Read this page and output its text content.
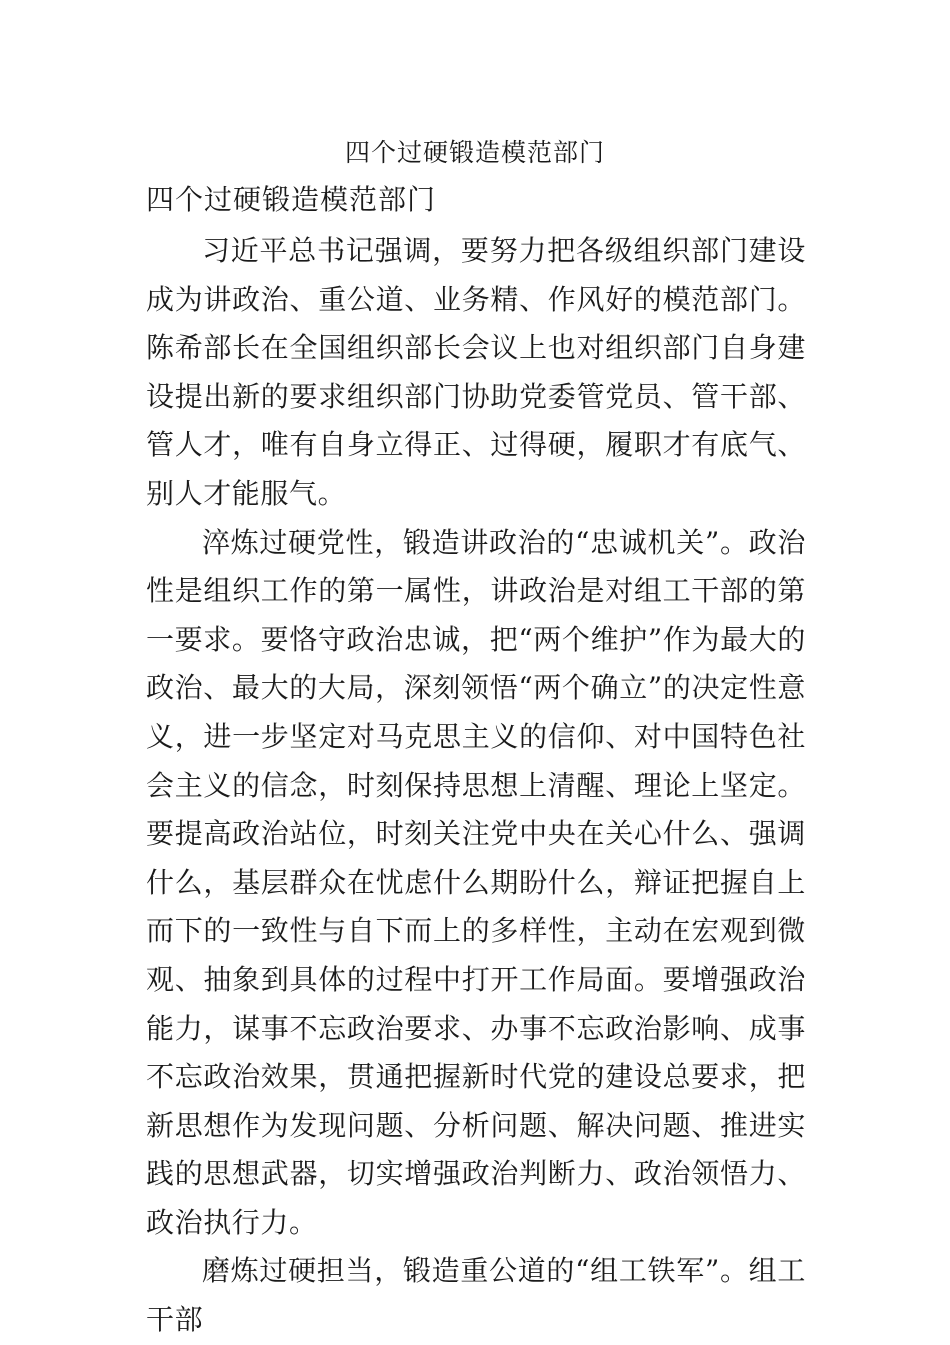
四个过硬锻造模范部门

四个过硬锻造模范部门

习近平总书记强调，要努力把各级组织部门建设成为讲政治、重公道、业务精、作风好的模范部门。陈希部长在全国组织部长会议上也对组织部门自身建设提出新的要求组织部门协助党委管党员、管干部、管人才，唯有自身立得正、过得硬，履职才有底气、别人才能服气。

淬炼过硬党性，锻造讲政治的“忠诚机关”。政治性是组织工作的第一属性，讲政治是对组工干部的第一要求。要恪守政治忠诚，把“两个维护”作为最大的政治、最大的大局，深刻领悟“两个确立”的决定性意义，进一步坚定对马克思主义的信仰、对中国特色社会主义的信念，时刻保持思想上清醒、理论上坚定。要提高政治站位，时刻关注党中央在关心什么、强调什么，基层群众在忧虑什么期盼什么，辩证把握自上而下的一致性与自下而上的多样性，主动在宏观到微观、抽象到具体的过程中打开工作局面。要增强政治能力，谋事不忘政治要求、办事不忘政治影响、成事不忘政治效果，贯通把握新时代党的建设总要求，把新思想作为发现问题、分析问题、解决问题、推进实践的思想武器，切实增强政治判断力、政治领悟力、政治执行力。

磨炼过硬担当，锻造重公道的“组工铁军”。组工干部
